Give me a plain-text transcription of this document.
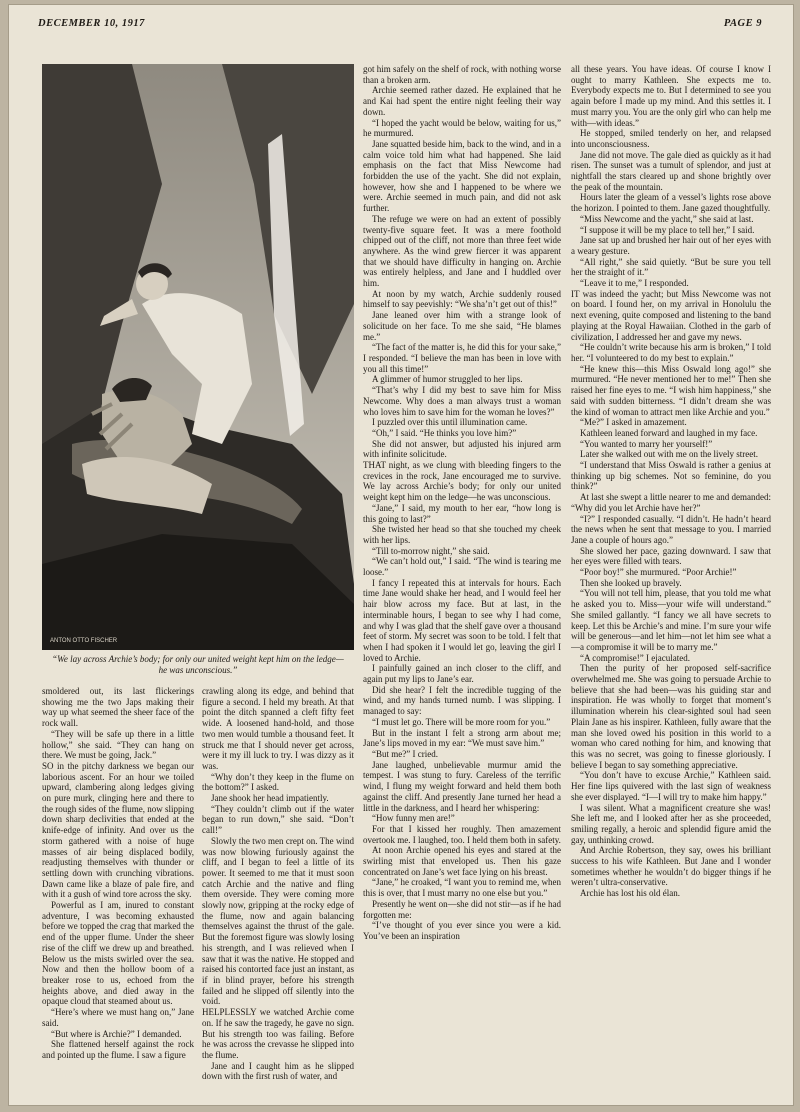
DECEMBER 10, 1917	PAGE 9
ANTON OTTO FISCHER
“We lay across Archie’s body; for only our united weight kept him on the ledge—he was unconscious.”

smoldered out, its last flickerings showing me the two Japs making their way up what seemed the sheer face of the rock wall.

“They will be safe up there in a little hollow,” she said. “They can hang on there. We must be going, Jack.”

SO in the pitchy darkness we began our laborious ascent. For an hour we toiled upward, clambering along ledges giving on pure murk, clinging here and there to the rough sides of the flume, now slipping down sharp declivities that ended at the knife-edge of infinity. And over us the storm gathered with a noise of huge masses of air being displaced bodily, readjusting themselves with thunder or settling down with crunching vibrations. Dawn came like a blaze of pale fire, and with it a gush of wind tore across the sky.

Powerful as I am, inured to constant adventure, I was becoming exhausted before we topped the crag that marked the end of the upper flume. Under the sheer rise of the cliff we drew up and breathed. Below us the mists swirled over the sea. Now and then the hollow boom of a breaker rose to us, echoed from the heights above, and died away in the opaque cloud that steamed about us.

“Here’s where we must hang on,” Jane said.

“But where is Archie?” I demanded.

She flattened herself against the rock and pointed up the flume. I saw a figure

crawling along its edge, and behind that figure a second. I held my breath. At that point the ditch spanned a cleft fifty feet wide. A loosened hand-hold, and those two men would tumble a thousand feet. It struck me that I should never get across, were it my ill luck to try. I was dizzy as it was.

“Why don’t they keep in the flume on the bottom?” I asked.

Jane shook her head impatiently.

“They couldn’t climb out if the water began to run down,” she said. “Don’t call!”

Slowly the two men crept on. The wind was now blowing furiously against the cliff, and I began to feel a little of its power. It seemed to me that it must soon catch Archie and the native and fling them overside. They were coming more slowly now, gripping at the rocky edge of the flume, now and again balancing themselves against the thrust of the gale. But the foremost figure was slowly losing his strength, and I was relieved when I saw that it was the native. He stopped and raised his contorted face just an instant, as if in blind prayer, before his strength failed and he slipped off silently into the void.

HELPLESSLY we watched Archie come on. If he saw the tragedy, he gave no sign. But his strength too was failing. Before he was across the crevasse he slipped into the flume.

Jane and I caught him as he slipped down with the first rush of water, and

got him safely on the shelf of rock, with nothing worse than a broken arm.

Archie seemed rather dazed. He explained that he and Kai had spent the entire night feeling their way down.

“I hoped the yacht would be below, waiting for us,” he murmured.

Jane squatted beside him, back to the wind, and in a calm voice told him what had happened. She laid emphasis on the fact that Miss Newcome had forbidden the use of the yacht. She did not explain, however, how she and I happened to be where we were. Archie seemed in much pain, and did not ask further.

The refuge we were on had an extent of possibly twenty-five square feet. It was a mere foothold chipped out of the cliff, not more than three feet wide anywhere. As the wind grew fiercer it was apparent that we should have difficulty in hanging on. Archie was entirely helpless, and Jane and I huddled over him.

At noon by my watch, Archie suddenly roused himself to say peevishly: “We sha’n’t get out of this!”

Jane leaned over him with a strange look of solicitude on her face. To me she said, “He blames me.”

“The fact of the matter is, he did this for your sake,” I responded. “I believe the man has been in love with you all this time!”

A glimmer of humor struggled to her lips.

“That’s why I did my best to save him for Miss Newcome. Why does a man always trust a woman who loves him to save him for the woman he loves?”

I puzzled over this until illumination came.

“Oh,” I said. “He thinks you love him?”

She did not answer, but adjusted his injured arm with infinite solicitude.

THAT night, as we clung with bleeding fingers to the crevices in the rock, Jane encouraged me to survive. We lay across Archie’s body; for only our united weight kept him on the ledge—he was unconscious.

“Jane,” I said, my mouth to her ear, “how long is this going to last?”

She twisted her head so that she touched my cheek with her lips.

“Till to-morrow night,” she said.

“We can’t hold out,” I said. “The wind is tearing me loose.”

I fancy I repeated this at intervals for hours. Each time Jane would shake her head, and I would feel her hair blow across my face. But at last, in the interminable hours, I began to see why I had come, and why I was glad that the shelf gave over a thousand feet of storm. My secret was soon to be told. I felt that when I had spoken it I would let go, leaving the girl I loved to Archie.

I painfully gained an inch closer to the cliff, and again put my lips to Jane’s ear.

Did she hear? I felt the incredible tugging of the wind, and my hands turned numb. I was slipping. I managed to say:

“I must let go. There will be more room for you.”

But in the instant I felt a strong arm about me; Jane’s lips moved in my ear: “We must save him.”

“But me?” I cried.

Jane laughed, unbelievable murmur amid the tempest. I was stung to fury. Careless of the terrific wind, I flung my weight forward and held them both against the cliff. And presently Jane turned her head a little in the darkness, and I heard her whispering:

“How funny men are!”

For that I kissed her roughly. Then amazement overtook me. I laughed, too. I held them both in safety.

At noon Archie opened his eyes and stared at the swirling mist that enveloped us. Then his gaze concentrated on Jane’s wet face lying on his breast.

“Jane,” he croaked, “I want you to remind me, when this is over, that I must marry no one else but you.”

Presently he went on—she did not stir—as if he had forgotten me:

“I’ve thought of you ever since you were a kid. You’ve been an inspiration

all these years. You have ideas. Of course I know I ought to marry Kathleen. She expects me to. Everybody expects me to. But I determined to see you again before I made up my mind. And this settles it. I must marry you. You are the only girl who can help me with—with ideas.”

He stopped, smiled tenderly on her, and relapsed into unconsciousness.

Jane did not move. The gale died as quickly as it had risen. The sunset was a tumult of splendor, and just at nightfall the stars cleared up and shone brightly over the peak of the mountain.

Hours later the gleam of a vessel’s lights rose above the horizon. I pointed to them. Jane gazed thoughtfully.

“Miss Newcome and the yacht,” she said at last.

“I suppose it will be my place to tell her,” I said.

Jane sat up and brushed her hair out of her eyes with a weary gesture.

“All right,” she said quietly. “But be sure you tell her the straight of it.”

“Leave it to me,” I responded.

IT was indeed the yacht; but Miss Newcome was not on board. I found her, on my arrival in Honolulu the next evening, quite composed and listening to the band playing at the Royal Hawaiian. Clothed in the garb of civilization, I addressed her and gave my news.

“He couldn’t write because his arm is broken,” I told her. “I volunteered to do my best to explain.”

“He knew this—this Miss Oswald long ago!” she murmured. “He never mentioned her to me!” Then she raised her fine eyes to me. “I wish him happiness,” she said with sudden bitterness. “I didn’t dream she was the kind of woman to attract men like Archie and you.”

“Me?” I asked in amazement.

Kathleen leaned forward and laughed in my face.

“You wanted to marry her yourself!”

Later she walked out with me on the lively street.

“I understand that Miss Oswald is rather a genius at thinking up big schemes. Not so feminine, do you think?”

At last she swept a little nearer to me and demanded: “Why did you let Archie have her?”

“I?” I responded casually. “I didn’t. He hadn’t heard the news when he sent that message to you. I married Jane a couple of hours ago.”

She slowed her pace, gazing downward. I saw that her eyes were filled with tears.

“Poor boy!” she murmured. “Poor Archie!”

Then she looked up bravely.

“You will not tell him, please, that you told me what he asked you to. Miss—your wife will understand.” She smiled gallantly. “I fancy we all have secrets to keep. Let this be Archie’s and mine. I’m sure your wife will be generous—and let him—not let him see what a—a compromise it will be to marry me.”

“A compromise!” I ejaculated.

Then the purity of her proposed self-sacrifice overwhelmed me. She was going to persuade Archie to believe that she had been—was his guiding star and inspiration. He was wholly to forget that moment’s illumination wherein his clear-sighted soul had seen Plain Jane as his inspirer. Kathleen, fully aware that the man she loved owed his position in this world to a woman who cared nothing for him, and knowing that this was no secret, was going to finesse gloriously. I believe I began to say something appreciative.

“You don’t have to excuse Archie,” Kathleen said. Her fine lips quivered with the last sign of weakness she ever displayed. “I—I will try to make him happy.”

I was silent. What a magnificent creature she was! She left me, and I looked after her as she proceeded, smiling regally, a heroic and splendid figure amid the gay, unthinking crowd.

And Archie Robertson, they say, owes his brilliant success to his wife Kathleen. But Jane and I wonder sometimes whether he wouldn’t do bigger things if he weren’t ultra-conservative.

Archie has lost his old élan.
